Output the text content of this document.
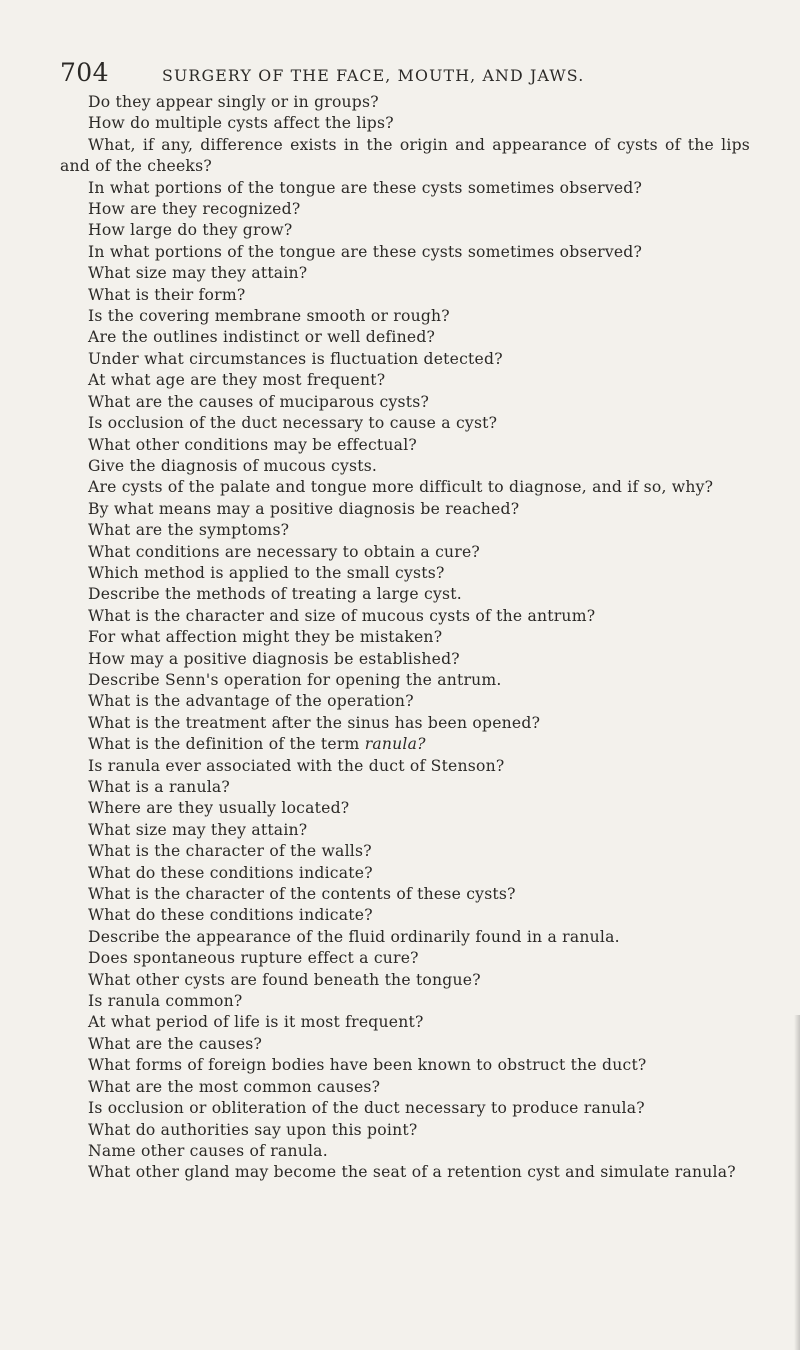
704	SURGERY OF THE FACE, MOUTH, AND JAWS.
Do they appear singly or in groups?
How do multiple cysts affect the lips?
What, if any, difference exists in the origin and appearance of cysts of the lips and of the cheeks?
In what portions of the tongue are these cysts sometimes observed?
How are they recognized?
How large do they grow?
In what portions of the tongue are these cysts sometimes observed?
What size may they attain?
What is their form?
Is the covering membrane smooth or rough?
Are the outlines indistinct or well defined?
Under what circumstances is fluctuation detected?
At what age are they most frequent?
What are the causes of muciparous cysts?
Is occlusion of the duct necessary to cause a cyst?
What other conditions may be effectual?
Give the diagnosis of mucous cysts.
Are cysts of the palate and tongue more difficult to diagnose, and if so, why?
By what means may a positive diagnosis be reached?
What are the symptoms?
What conditions are necessary to obtain a cure?
Which method is applied to the small cysts?
Describe the methods of treating a large cyst.
What is the character and size of mucous cysts of the antrum?
For what affection might they be mistaken?
How may a positive diagnosis be established?
Describe Senn's operation for opening the antrum.
What is the advantage of the operation?
What is the treatment after the sinus has been opened?
What is the definition of the term ranula?
Is ranula ever associated with the duct of Stenson?
What is a ranula?
Where are they usually located?
What size may they attain?
What is the character of the walls?
What do these conditions indicate?
What is the character of the contents of these cysts?
What do these conditions indicate?
Describe the appearance of the fluid ordinarily found in a ranula.
Does spontaneous rupture effect a cure?
What other cysts are found beneath the tongue?
Is ranula common?
At what period of life is it most frequent?
What are the causes?
What forms of foreign bodies have been known to obstruct the duct?
What are the most common causes?
Is occlusion or obliteration of the duct necessary to produce ranula?
What do authorities say upon this point?
Name other causes of ranula.
What other gland may become the seat of a retention cyst and simulate ranula?
